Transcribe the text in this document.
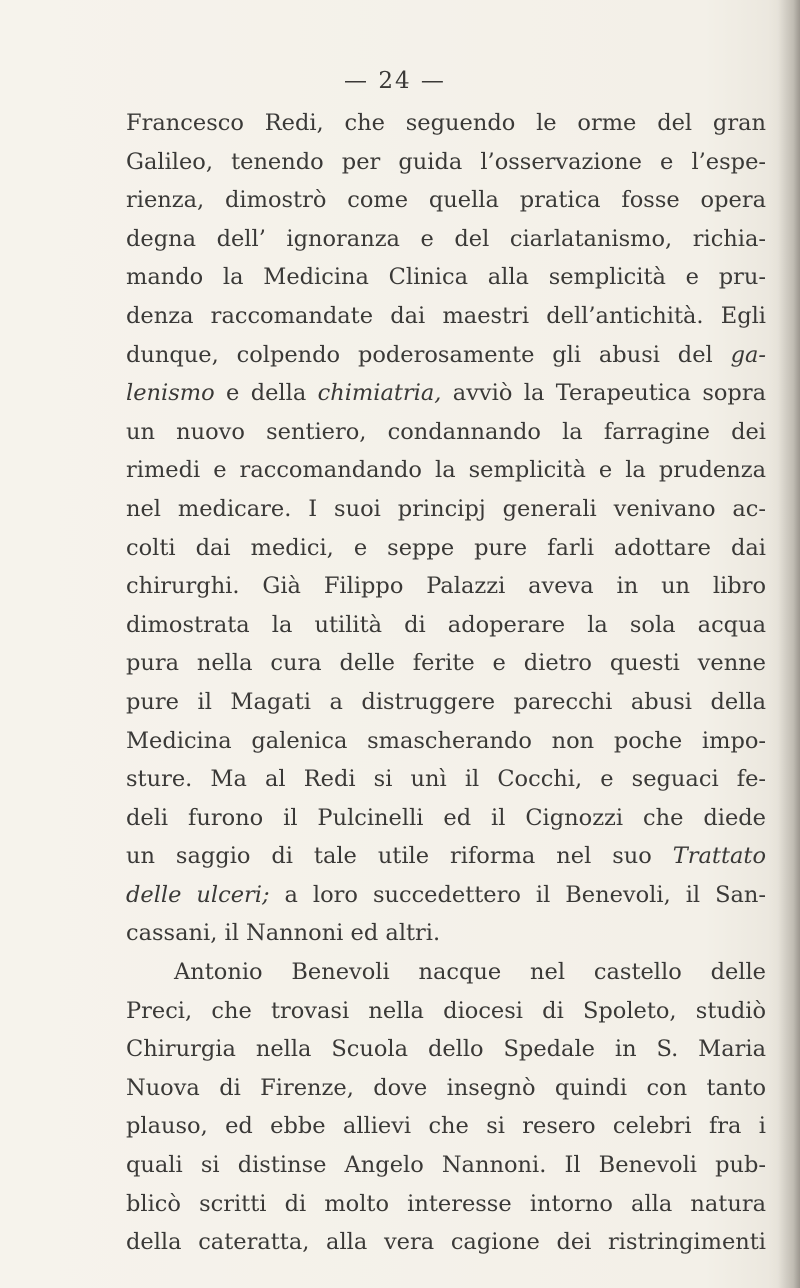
— 24 —
Francesco Redi, che seguendo le orme del gran
Galileo, tenendo per guida l’osservazione e l’espe-
rienza, dimostrò come quella pratica fosse opera
degna dell’ ignoranza e del ciarlatanismo, richia-
mando la Medicina Clinica alla semplicità e pru-
denza raccomandate dai maestri dell’antichità. Egli
dunque, colpendo poderosamente gli abusi del ga-
lenismo e della chimiatria, avviò la Terapeutica sopra
un nuovo sentiero, condannando la farragine dei
rimedi e raccomandando la semplicità e la prudenza
nel medicare. I suoi principj generali venivano ac-
colti dai medici, e seppe pure farli adottare dai
chirurghi. Già Filippo Palazzi aveva in un libro
dimostrata la utilità di adoperare la sola acqua
pura nella cura delle ferite e dietro questi venne
pure il Magati a distruggere parecchi abusi della
Medicina galenica smascherando non poche impo-
sture. Ma al Redi si unì il Cocchi, e seguaci fe-
deli furono il Pulcinelli ed il Cignozzi che diede
un saggio di tale utile riforma nel suo Trattato
delle ulceri; a loro succedettero il Benevoli, il San-
cassani, il Nannoni ed altri.
Antonio Benevoli nacque nel castello delle
Preci, che trovasi nella diocesi di Spoleto, studiò
Chirurgia nella Scuola dello Spedale in S. Maria
Nuova di Firenze, dove insegnò quindi con tanto
plauso, ed ebbe allievi che si resero celebri fra i
quali si distinse Angelo Nannoni. Il Benevoli pub-
blicò scritti di molto interesse intorno alla natura
della cateratta, alla vera cagione dei ristringimenti
